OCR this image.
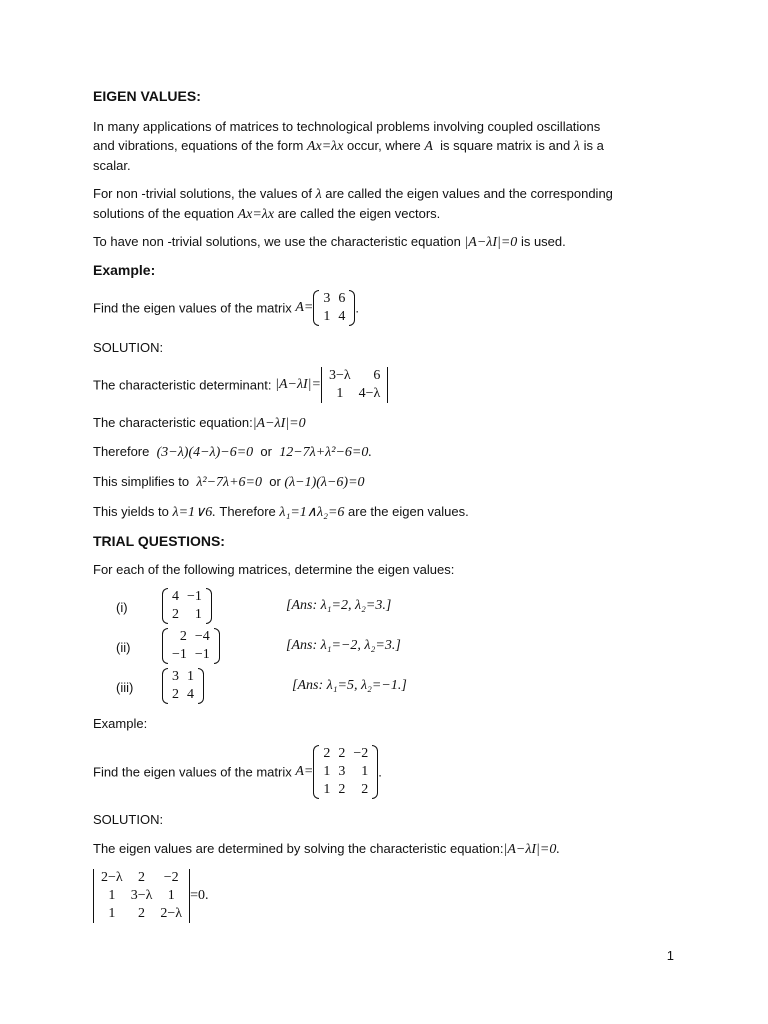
EIGEN VALUES:

In many applications of matrices to technological problems involving coupled oscillations

and vibrations, equations of the form Ax=λx occur, where A is square matrix is and λ is a

scalar.

For non -trivial solutions, the values of λ are called the eigen values and the corresponding

solutions of the equation Ax=λx are called the eigen vectors.

To have non -trivial solutions, we use the characteristic equation |A−λI|=0 is used.

Example:
Find the eigen values of the matrix A=
3	6
1	4
.
SOLUTION:
The characteristic determinant: |A−λI|=
3−λ	6
1	4−λ
The characteristic equation:|A−λI|=0
Therefore (3−λ)(4−λ)−6=0 or 12−7λ+λ²−6=0.
This simplifies to λ²−7λ+6=0 or (λ−1)(λ−6)=0
This yields to λ=1∨6. Therefore λ₁=1∧λ₂=6 are the eigen values.
TRIAL QUESTIONS:
For each of the following matrices, determine the eigen values:
(i)
4	−1
2	1
[Ans: λ₁=2, λ₂=3.]
(ii)
2	−4
−1	−1
[Ans: λ₁=−2, λ₂=3.]
(iii)
3	1
2	4
[Ans: λ₁=5, λ₂=−1.]
Example:
Find the eigen values of the matrix A=
2	2	−2
1	3	1
1	2	2
.
SOLUTION:
The eigen values are determined by solving the characteristic equation:|A−λI|=0.
2−λ	2	−2
1	3−λ	1
1	2	2−λ
=0.
1
